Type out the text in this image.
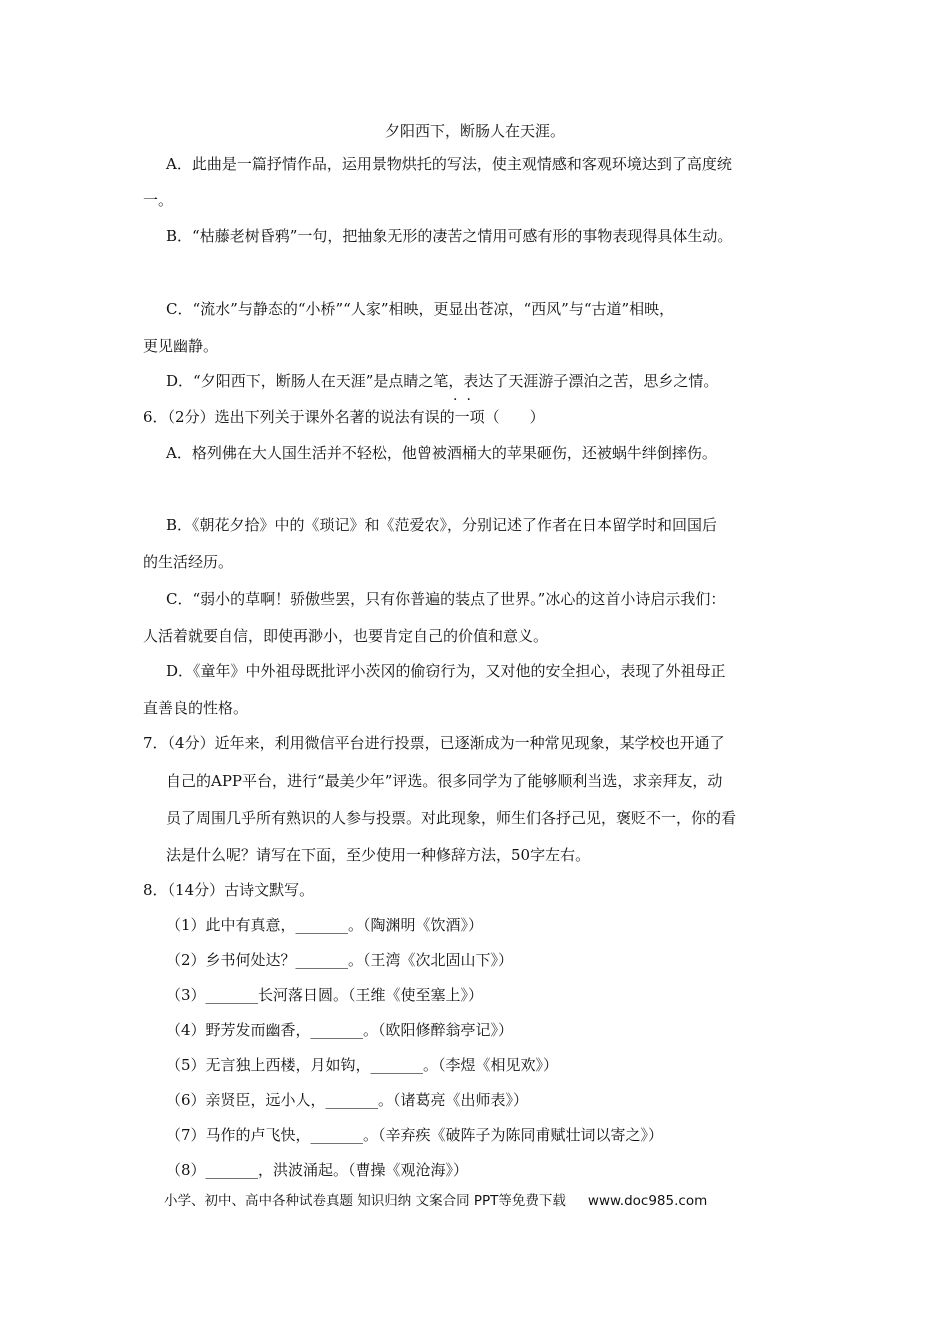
夕阳西下，断肠人在天涯。
A．此曲是一篇抒情作品，运用景物烘托的写法，使主观情感和客观环境达到了高度统
一。
B．“枯藤老树昏鸦”一句，把抽象无形的凄苦之情用可感有形的事物表现得具体生动。
C．“流水”与静态的“小桥”“人家”相映，更显出苍凉，“西风”与“古道”相映，
更见幽静。
D．“夕阳西下，断肠人在天涯”是点睛之笔，表达了天涯游子漂泊之苦，思乡之情。
··
6．（2分）选出下列关于课外名著的说法有误的一项（　　）
A．格列佛在大人国生活并不轻松，他曾被酒桶大的苹果砸伤，还被蜗牛绊倒摔伤。
B．《朝花夕拾》中的《琐记》和《范爱农》，分别记述了作者在日本留学时和回国后
的生活经历。
C．“弱小的草啊！骄傲些罢，只有你普遍的装点了世界。”冰心的这首小诗启示我们：
人活着就要自信，即使再渺小，也要肯定自己的价值和意义。
D．《童年》中外祖母既批评小茨冈的偷窃行为，又对他的安全担心，表现了外祖母正
直善良的性格。
7．（4分）近年来，利用微信平台进行投票，已逐渐成为一种常见现象，某学校也开通了
自己的APP平台，进行“最美少年”评选。很多同学为了能够顺利当选，求亲拜友，动
员了周围几乎所有熟识的人参与投票。对此现象，师生们各抒己见，褒贬不一，你的看
法是什么呢？请写在下面，至少使用一种修辞方法，50字左右。
8．（14分）古诗文默写。
（1）此中有真意，_______。（陶渊明《饮酒》）
（2）乡书何处达？_______。（王湾《次北固山下》）
（3）_______长河落日圆。（王维《使至塞上》）
（4）野芳发而幽香，_______。（欧阳修醉翁亭记》）
（5）无言独上西楼，月如钩，_______。（李煜《相见欢》）
（6）亲贤臣，远小人，_______。（诸葛亮《出师表》）
（7）马作的卢飞快，_______。（辛弃疾《破阵子为陈同甫赋壮词以寄之》）
（8）_______，洪波涌起。（曹操《观沧海》）
小学、初中、高中各种试卷真题 知识归纳 文案合同 PPT等免费下载 www.doc985.com
